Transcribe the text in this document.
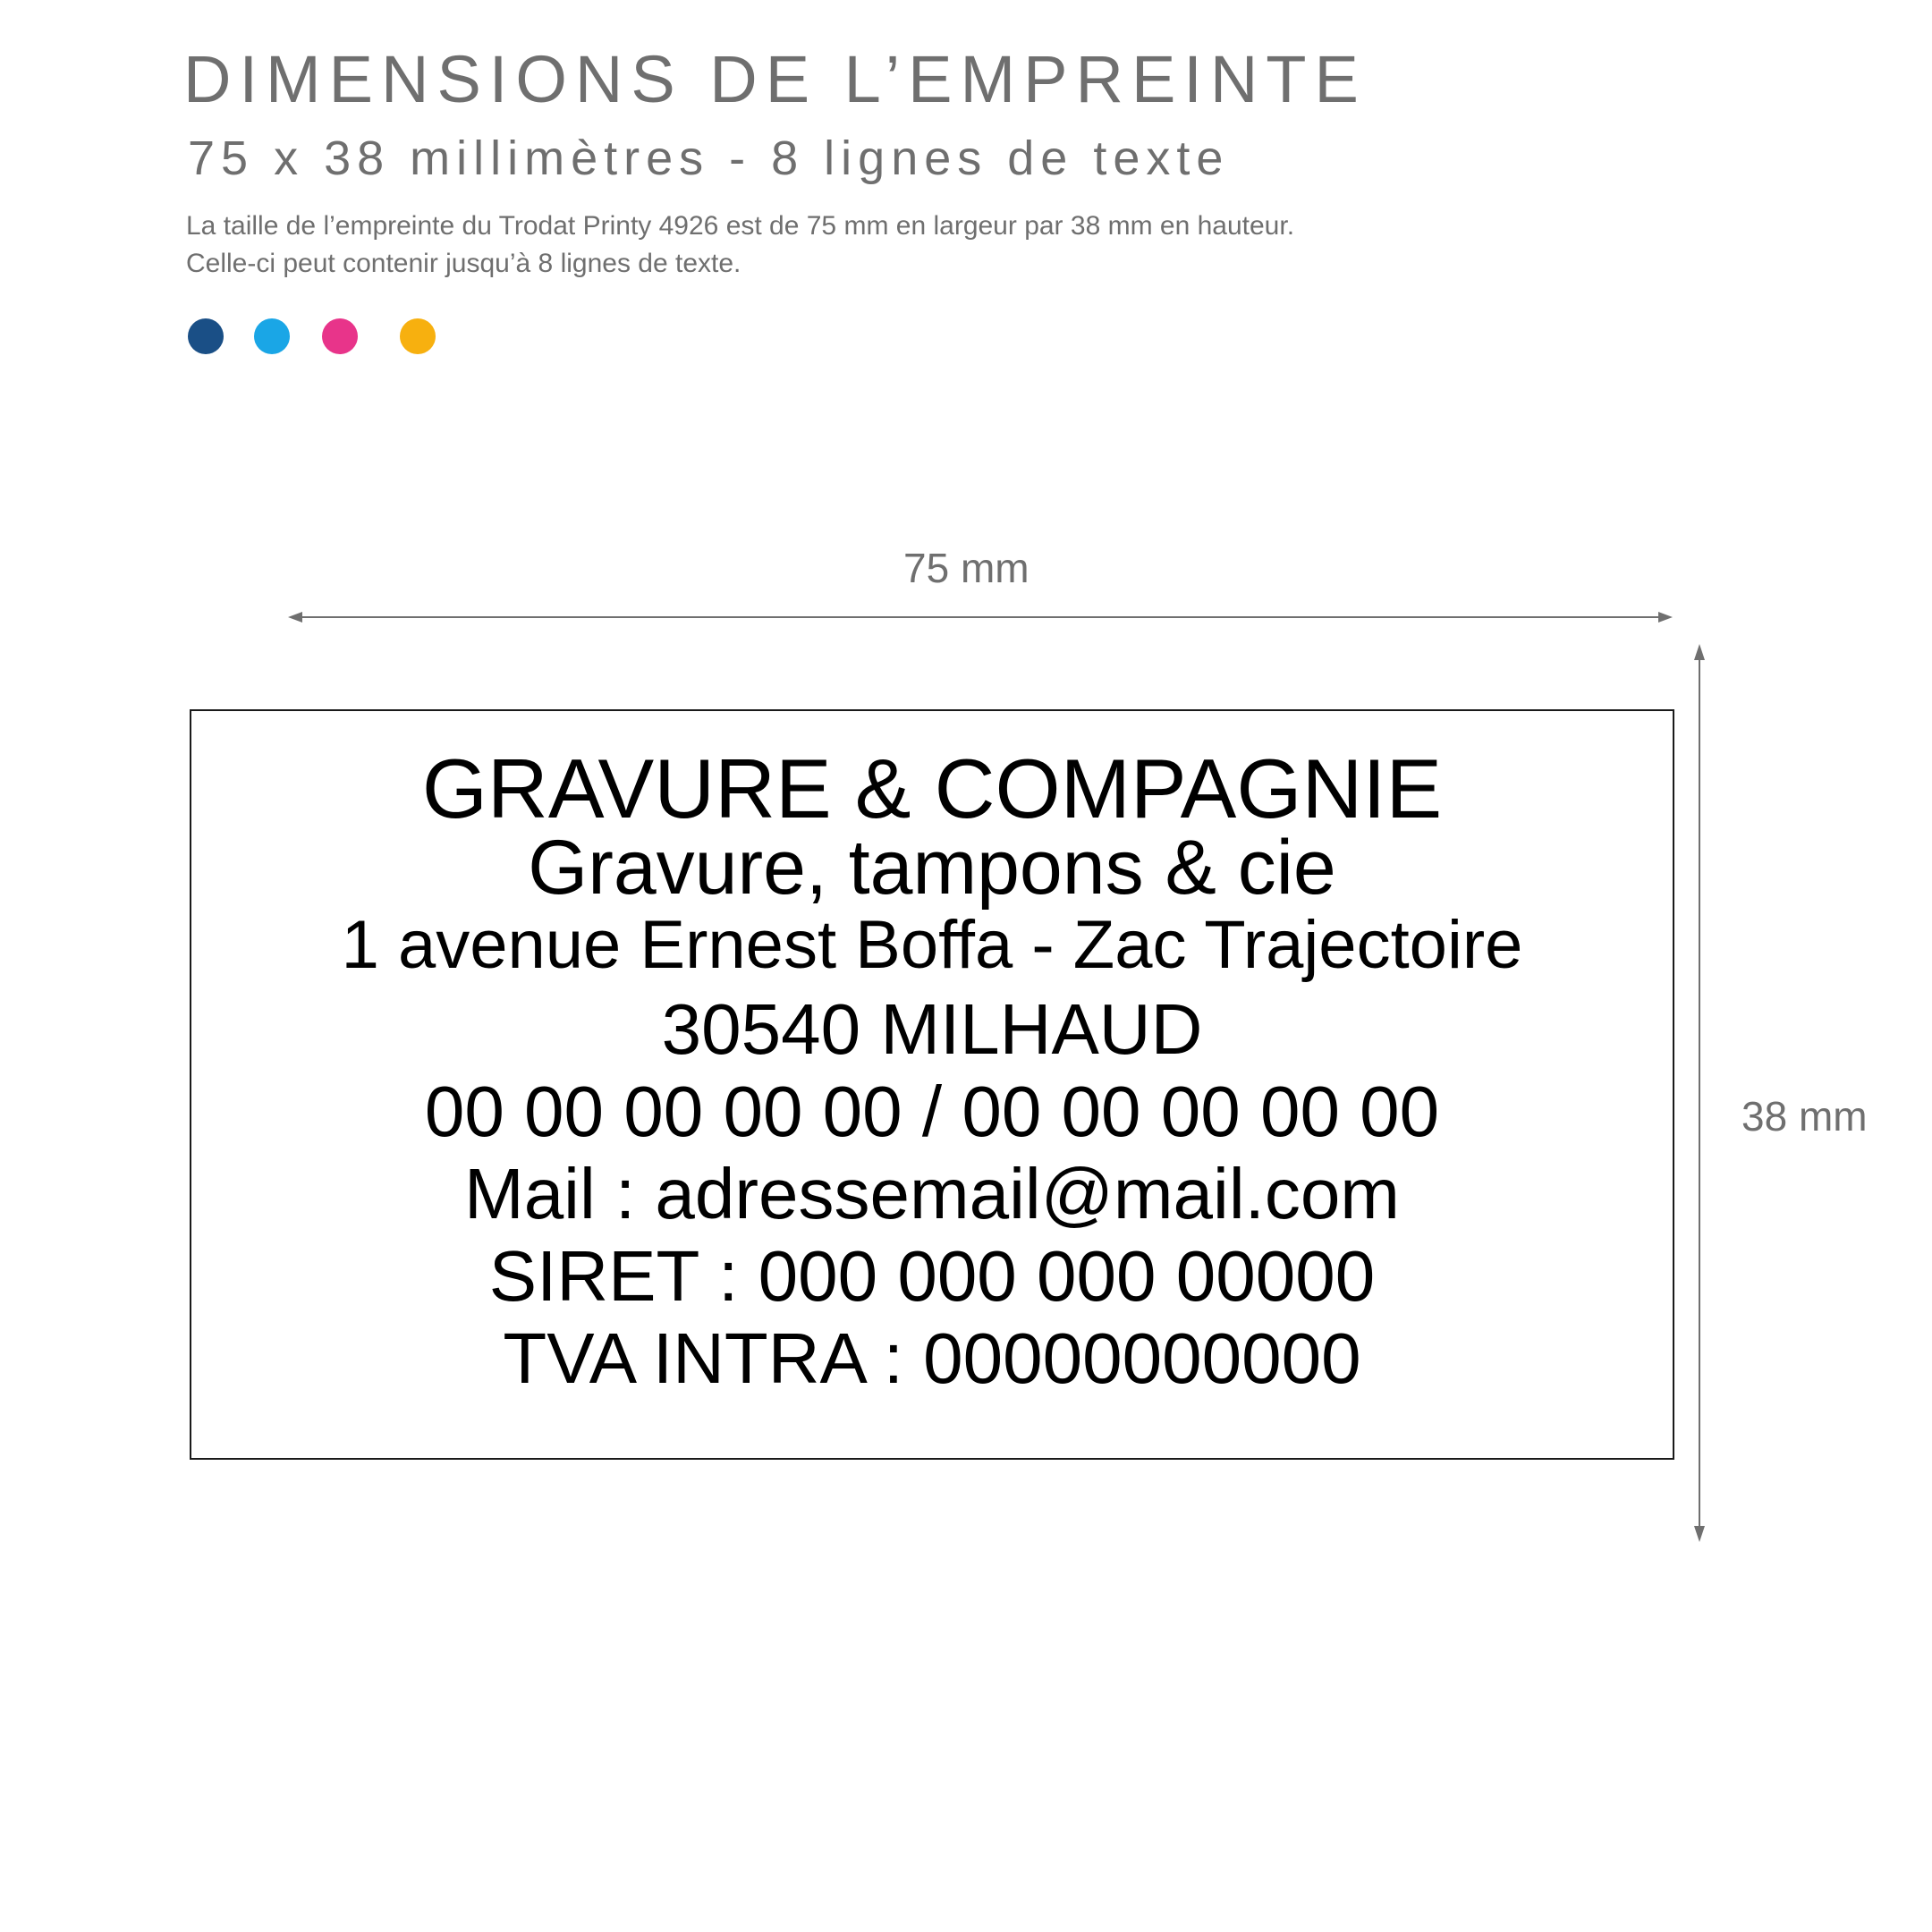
DIMENSIONS DE L’EMPREINTE
75 x 38 millimètres - 8 lignes de texte
La taille de l’empreinte du Trodat Printy 4926 est de 75 mm en largeur par 38 mm en hauteur.
Celle-ci peut contenir jusqu’à 8 lignes de texte.
75 mm
38 mm
GRAVURE & COMPAGNIE
Gravure, tampons & cie
1 avenue Ernest Boffa - Zac Trajectoire
30540 MILHAUD
00 00 00 00 00 / 00 00 00 00 00
Mail : adressemail@mail.com
SIRET : 000 000 000 00000
TVA INTRA : 00000000000
